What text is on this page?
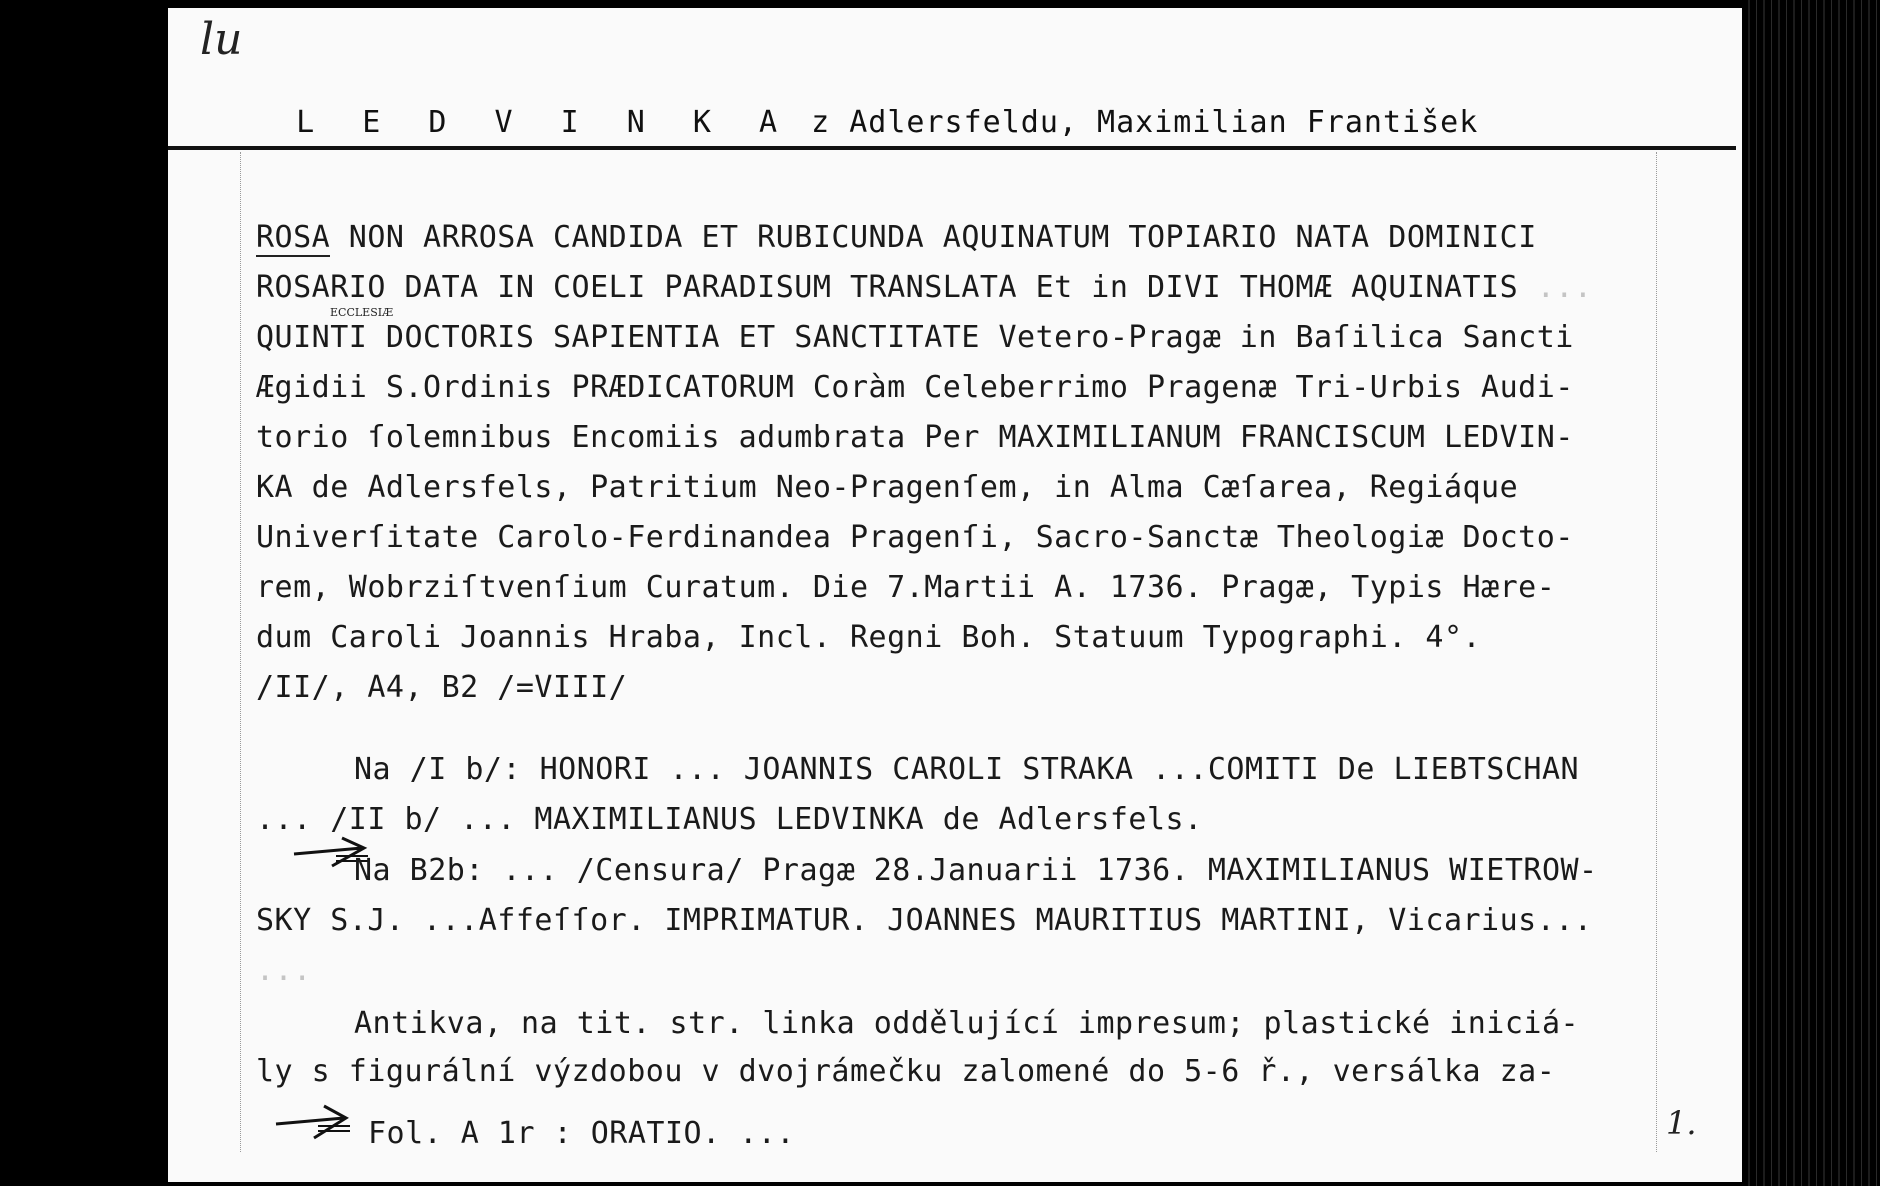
lu

L E D V I N K A z Adlersfeldu, Maximilian František

ROSA NON ARROSA CANDIDA ET RUBICUNDA AQUINATUM TOPIARIO NATA DOMINICI
ROSARIO DATA IN COELI PARADISUM TRANSLATA Et in DIVI THOMÆ AQUINATIS ...
ECCLESIÆ
QUINTI DOCTORIS SAPIENTIA ET SANCTITATE Vetero-Pragæ in Baſilica Sancti
Ægidii S.Ordinis PRÆDICATORUM Coràm Celeberrimo Pragenæ Tri-Urbis Audi-
torio ſolemnibus Encomiis adumbrata Per MAXIMILIANUM FRANCISCUM LEDVIN-
KA de Adlersfels, Patritium Neo-Pragenſem, in Alma Cæſarea, Regiáque
Univerſitate Carolo-Ferdinandea Pragenſi, Sacro-Sanctæ Theologiæ Docto-
rem, Wobrziſtvenſium Curatum. Die 7.Martii A. 1736. Pragæ, Typis Hære-
dum Caroli Joannis Hraba, Incl. Regni Boh. Statuum Typographi. 4°.
/II/, A4, B2 /=VIII/
Na /I b/: HONORI ... JOANNIS CAROLI STRAKA ...COMITI De LIEBTSCHAN
... /II b/ ... MAXIMILIANUS LEDVINKA de Adlersfels.
Na B2b: ... /Censura/ Pragæ 28.Januarii 1736. MAXIMILIANUS WIETROW-
SKY S.J. ...Affeſſor. IMPRIMATUR. JOANNES MAURITIUS MARTINI, Vicarius...
...
Antikva, na tit. str. linka oddělující impresum; plastické iniciá-
ly s figurální výzdobou v dvojrámečku zalomené do 5-6 ř., versálka za-
Fol. A 1r : ORATIO. ...	1.
